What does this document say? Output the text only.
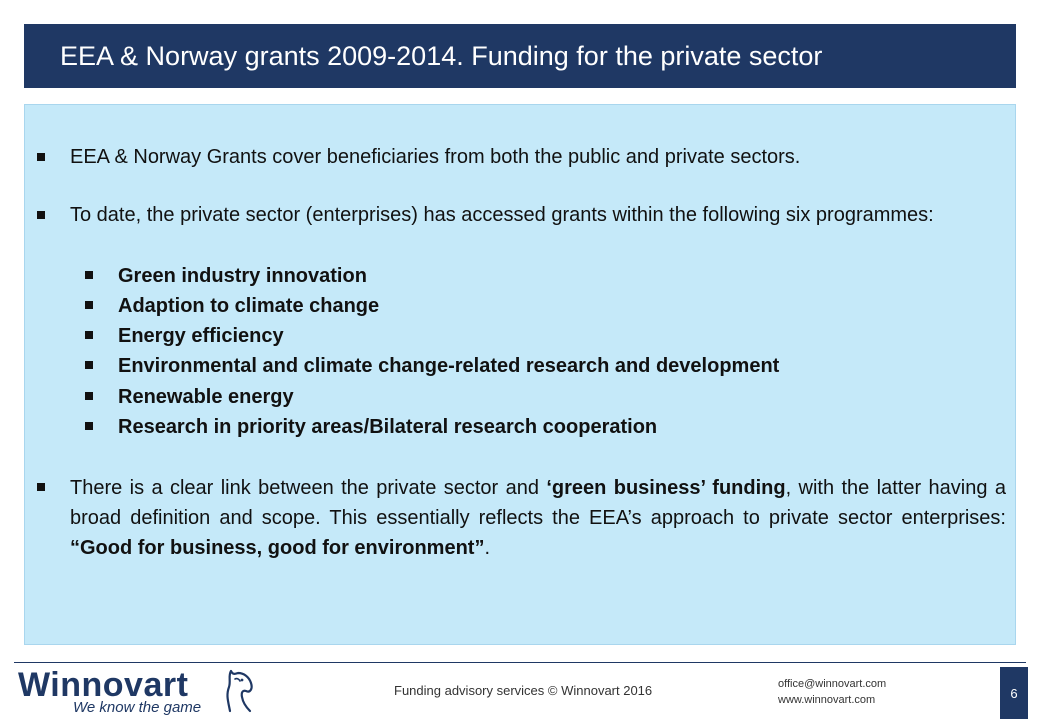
EEA & Norway grants 2009-2014. Funding for the private sector

EEA & Norway Grants cover beneficiaries from both the public and private sectors.

To date, the private sector (enterprises) has accessed grants within the following six programmes:

Green industry innovation
Adaption to climate change
Energy efficiency
Environmental and climate change-related research and development
Renewable energy
Research in priority areas/Bilateral research cooperation

There is a clear link between the private sector and ‘green business’ funding, with the latter having a broad definition and scope. This essentially reflects the EEA’s approach to private sector enterprises: “Good for business, good for environment”.

Winnovart
We know the game
Funding advisory services © Winnovart 2016	office@winnovart.com
www.winnovart.com	6
